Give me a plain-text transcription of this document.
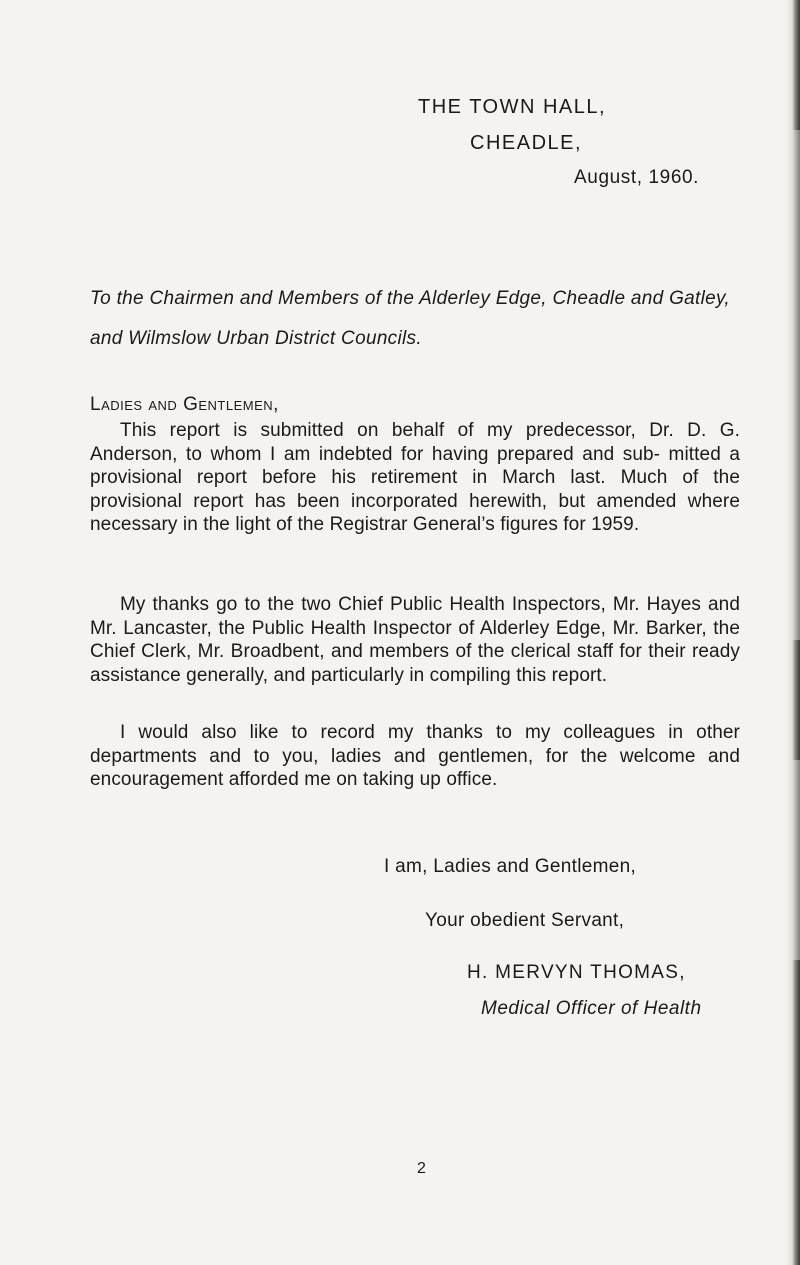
THE TOWN HALL,
CHEADLE,
August, 1960.
To the Chairmen and Members of the Alderley Edge, Cheadle and Gatley, and Wilmslow Urban District Councils.
Ladies and Gentlemen,

This report is submitted on behalf of my predecessor, Dr. D. G. Anderson, to whom I am indebted for having prepared and sub- mitted a provisional report before his retirement in March last. Much of the provisional report has been incorporated herewith, but amended where necessary in the light of the Registrar General’s figures for 1959.

My thanks go to the two Chief Public Health Inspectors, Mr. Hayes and Mr. Lancaster, the Public Health Inspector of Alderley Edge, Mr. Barker, the Chief Clerk, Mr. Broadbent, and members of the clerical staff for their ready assistance generally, and particularly in compiling this report.

I would also like to record my thanks to my colleagues in other departments and to you, ladies and gentlemen, for the welcome and encouragement afforded me on taking up office.

I am, Ladies and Gentlemen,
Your obedient Servant,
H. MERVYN THOMAS,
Medical Officer of Health
2
